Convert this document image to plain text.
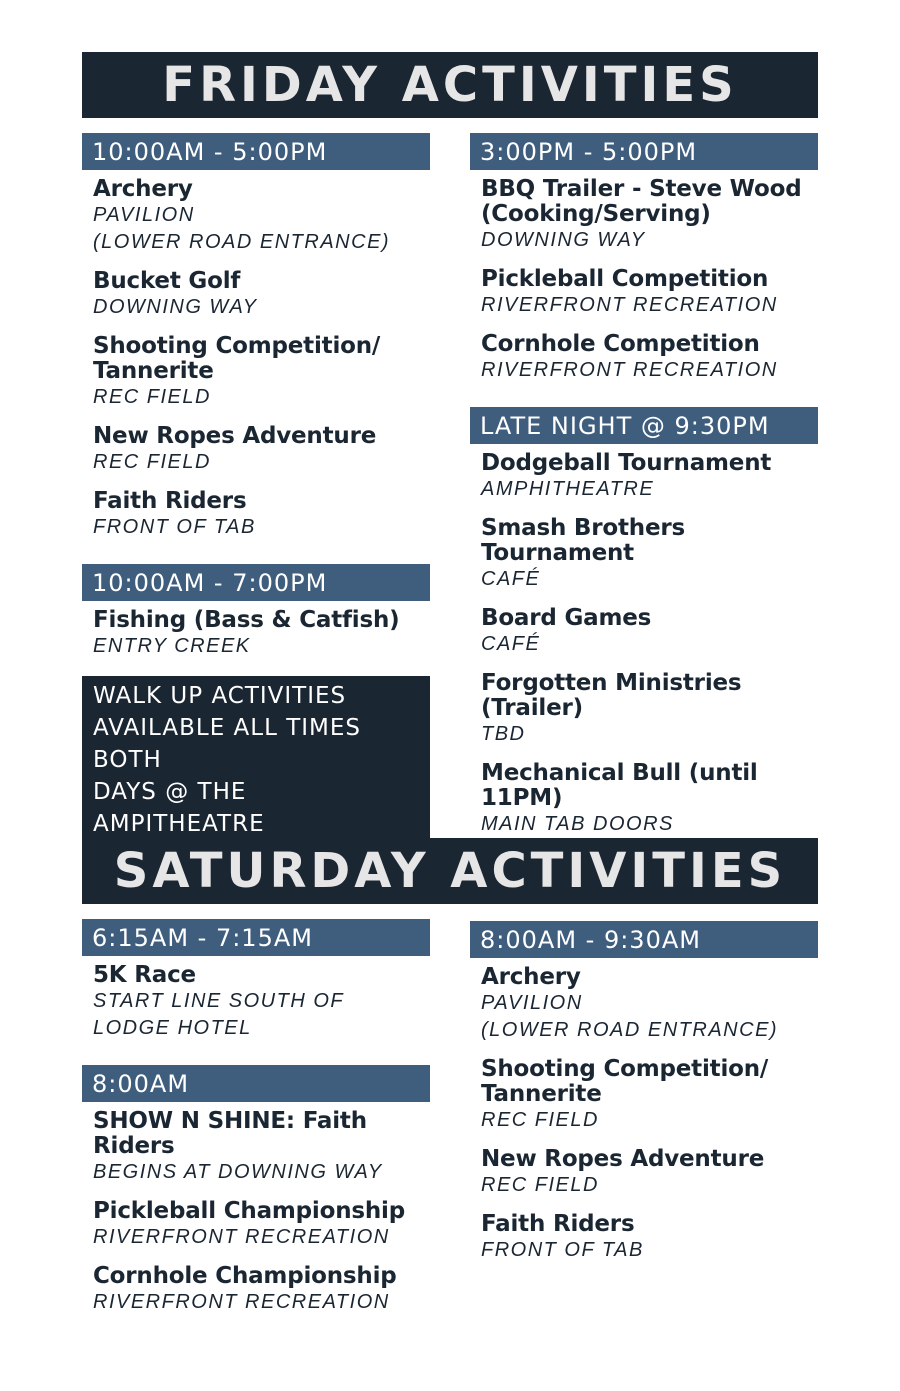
FRIDAY ACTIVITIES
10:00AM - 5:00PM
Archery
PAVILION
(LOWER ROAD ENTRANCE)
Bucket Golf
DOWNING WAY
Shooting Competition/
Tannerite
REC FIELD
New Ropes Adventure
REC FIELD
Faith Riders
FRONT OF TAB
10:00AM - 7:00PM
Fishing (Bass & Catfish)
ENTRY CREEK
WALK UP ACTIVITIES
AVAILABLE ALL TIMES BOTH
DAYS @ THE AMPITHEATRE
3:00PM - 5:00PM
BBQ Trailer - Steve Wood
(Cooking/Serving)
DOWNING WAY
Pickleball Competition
RIVERFRONT RECREATION
Cornhole Competition
RIVERFRONT RECREATION
LATE NIGHT @ 9:30PM
Dodgeball Tournament
AMPHITHEATRE
Smash Brothers Tournament
CAFÉ
Board Games
CAFÉ
Forgotten Ministries (Trailer)
TBD
Mechanical Bull (until 11PM)
MAIN TAB DOORS
SATURDAY ACTIVITIES
6:15AM - 7:15AM
5K Race
START LINE SOUTH OF
LODGE HOTEL
8:00AM
SHOW N SHINE: Faith Riders
BEGINS AT DOWNING WAY
Pickleball Championship
RIVERFRONT RECREATION
Cornhole Championship
RIVERFRONT RECREATION
8:00AM - 9:30AM
Archery
PAVILION
(LOWER ROAD ENTRANCE)
Shooting Competition/
Tannerite
REC FIELD
New Ropes Adventure
REC FIELD
Faith Riders
FRONT OF TAB
